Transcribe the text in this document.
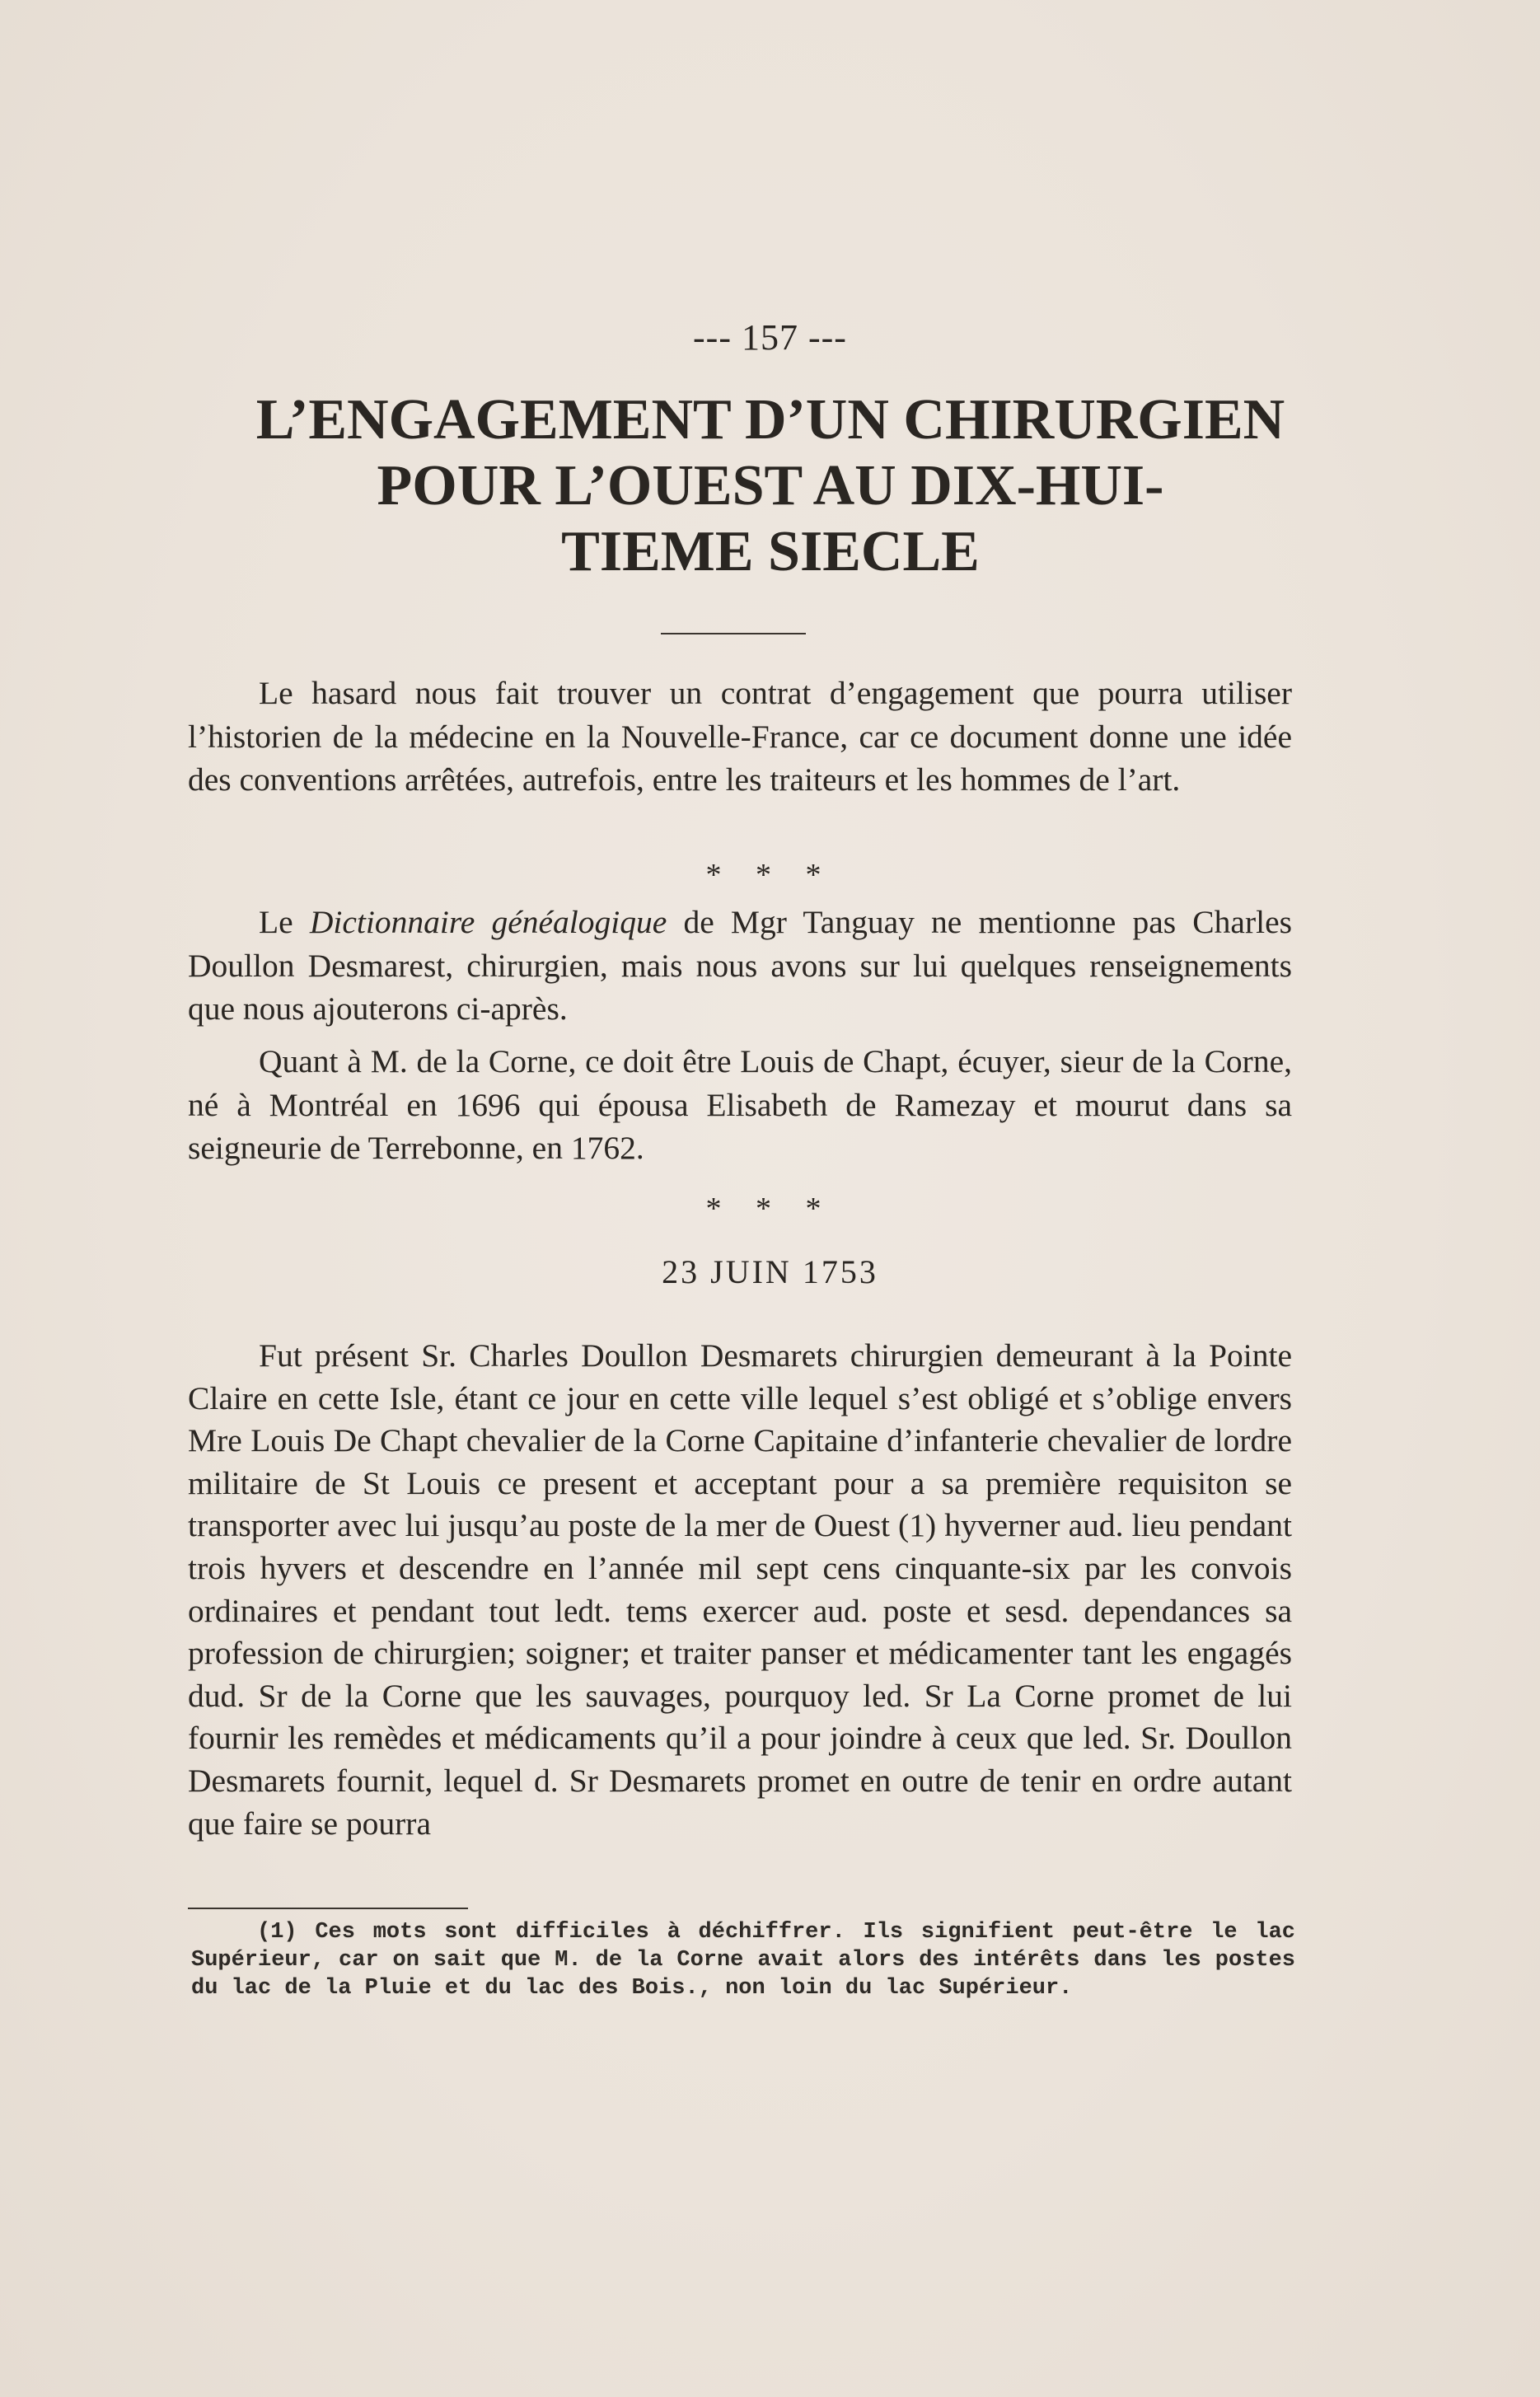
--- 157 ---
L’ENGAGEMENT D’UN CHIRURGIEN
POUR L’OUEST AU DIX-HUI-
TIEME SIECLE

Le hasard nous fait trouver un contrat d’engagement que pourra utiliser l’historien de la médecine en la Nouvelle-France, car ce document donne une idée des conventions arrêtées, autrefois, entre les traiteurs et les hommes de l’art.

* * *

Le Dictionnaire généalogique de Mgr Tanguay ne mentionne pas Charles Doullon Desmarest, chirurgien, mais nous avons sur lui quelques renseignements que nous ajouterons ci-après.

Quant à M. de la Corne, ce doit être Louis de Chapt, écuyer, sieur de la Corne, né à Montréal en 1696 qui épousa Elisabeth de Ramezay et mourut dans sa seigneurie de Terrebonne, en 1762.

* * *
23 JUIN 1753

Fut présent Sr. Charles Doullon Desmarets chirurgien demeurant à la Pointe Claire en cette Isle, étant ce jour en cette ville lequel s’est obligé et s’oblige envers Mre Louis De Chapt chevalier de la Corne Capitaine d’infanterie chevalier de lordre militaire de St Louis ce present et acceptant pour a sa première requisiton se transporter avec lui jusqu’au poste de la mer de Ouest (1) hyverner aud. lieu pendant trois hyvers et descendre en l’année mil sept cens cinquante-six par les convois ordinaires et pendant tout ledt. tems exercer aud. poste et sesd. dependances sa profession de chirurgien; soigner; et traiter panser et médicamenter tant les engagés dud. Sr de la Corne que les sauvages, pourquoy led. Sr La Corne promet de lui fournir les remèdes et médicaments qu’il a pour joindre à ceux que led. Sr. Doullon Desmarets fournit, lequel d. Sr Desmarets promet en outre de tenir en ordre autant que faire se pourra

(1) Ces mots sont difficiles à déchiffrer. Ils signifient peut-être le lac Supérieur, car on sait que M. de la Corne avait alors des intérêts dans les postes du lac de la Pluie et du lac des Bois., non loin du lac Supérieur.
